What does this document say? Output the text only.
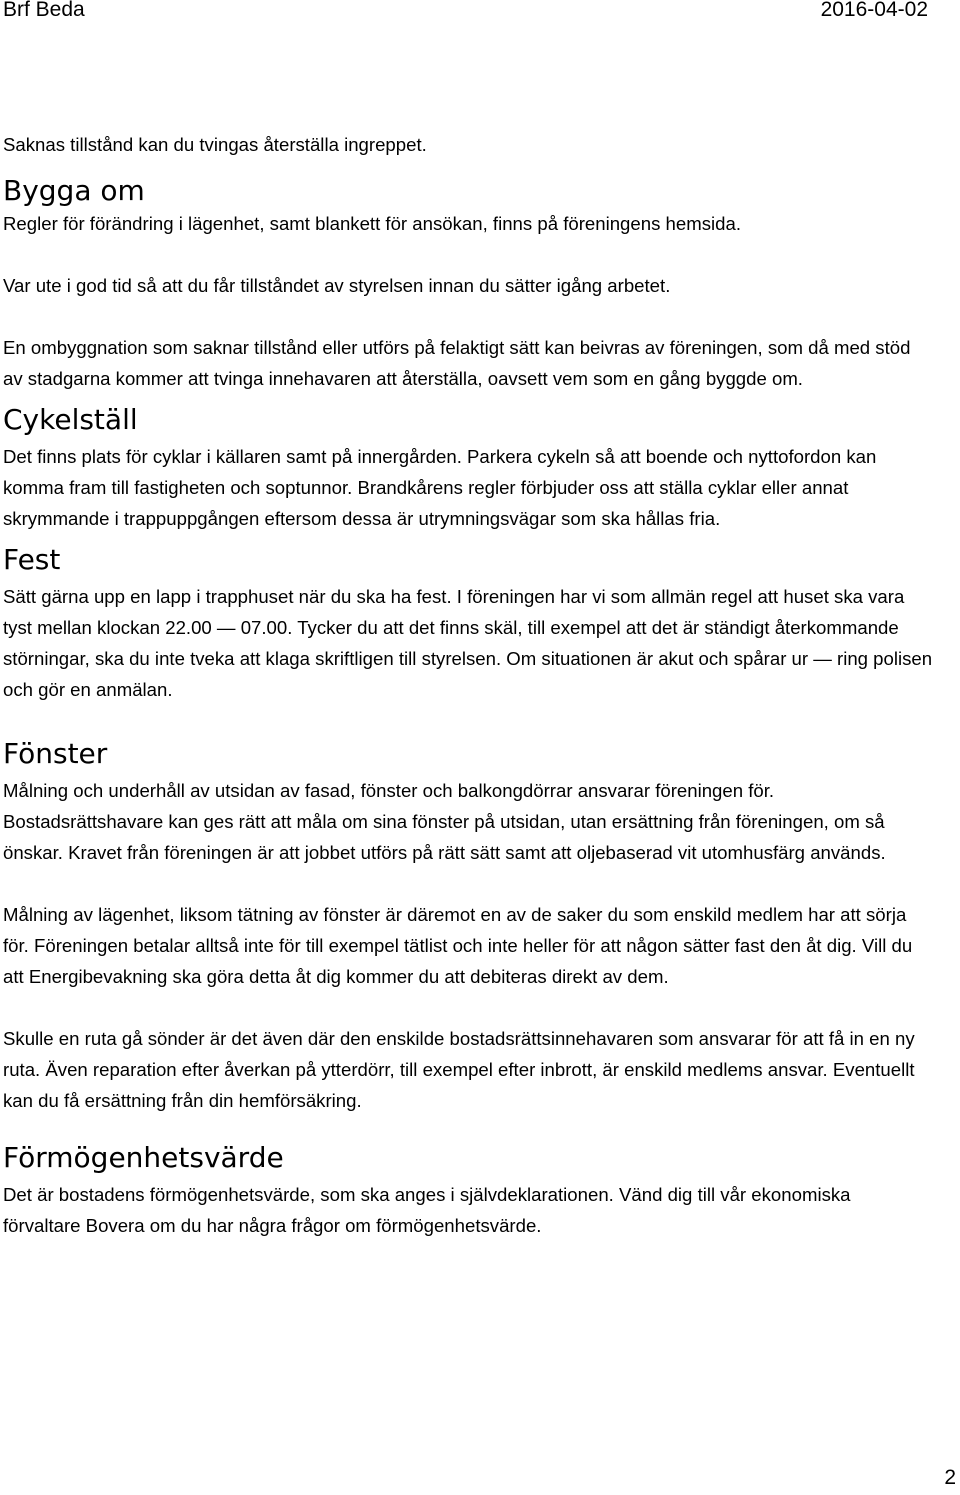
Brf Beda	2016-04-02

Saknas tillstånd kan du tvingas återställa ingreppet.

Bygga om

Regler för förändring i lägenhet, samt blankett för ansökan, finns på föreningens hemsida.

Var ute i god tid så att du får tillståndet av styrelsen innan du sätter igång arbetet.

En ombyggnation som saknar tillstånd eller utförs på felaktigt sätt kan beivras av föreningen, som då med stöd av stadgarna kommer att tvinga innehavaren att återställa, oavsett vem som en gång byggde om.

Cykelställ

Det finns plats för cyklar i källaren samt på innergården. Parkera cykeln så att boende och nyttofordon kan komma fram till fastigheten och soptunnor. Brandkårens regler förbjuder oss att ställa cyklar eller annat skrymmande i trappuppgången eftersom dessa är utrymningsvägar som ska hållas fria.

Fest

Sätt gärna upp en lapp i trapphuset när du ska ha fest. I föreningen har vi som allmän regel att huset ska vara tyst mellan klockan 22.00 — 07.00. Tycker du att det finns skäl, till exempel att det är ständigt återkommande störningar, ska du inte tveka att klaga skriftligen till styrelsen. Om situationen är akut och spårar ur — ring polisen och gör en anmälan.

Fönster

Målning och underhåll av utsidan av fasad, fönster och balkongdörrar ansvarar föreningen för. Bostadsrättshavare kan ges rätt att måla om sina fönster på utsidan, utan ersättning från föreningen, om så önskar. Kravet från föreningen är att jobbet utförs på rätt sätt samt att oljebaserad vit utomhusfärg används.

Målning av lägenhet, liksom tätning av fönster är däremot en av de saker du som enskild medlem har att sörja för. Föreningen betalar alltså inte för till exempel tätlist och inte heller för att någon sätter fast den åt dig. Vill du att Energibevakning ska göra detta åt dig kommer du att debiteras direkt av dem.

Skulle en ruta gå sönder är det även där den enskilde bostadsrättsinnehavaren som ansvarar för att få in en ny ruta. Även reparation efter åverkan på ytterdörr, till exempel efter inbrott, är enskild medlems ansvar. Eventuellt kan du få ersättning från din hemförsäkring.

Förmögenhetsvärde

Det är bostadens förmögenhetsvärde, som ska anges i självdeklarationen. Vänd dig till vår ekonomiska förvaltare Bovera om du har några frågor om förmögenhetsvärde.

2
